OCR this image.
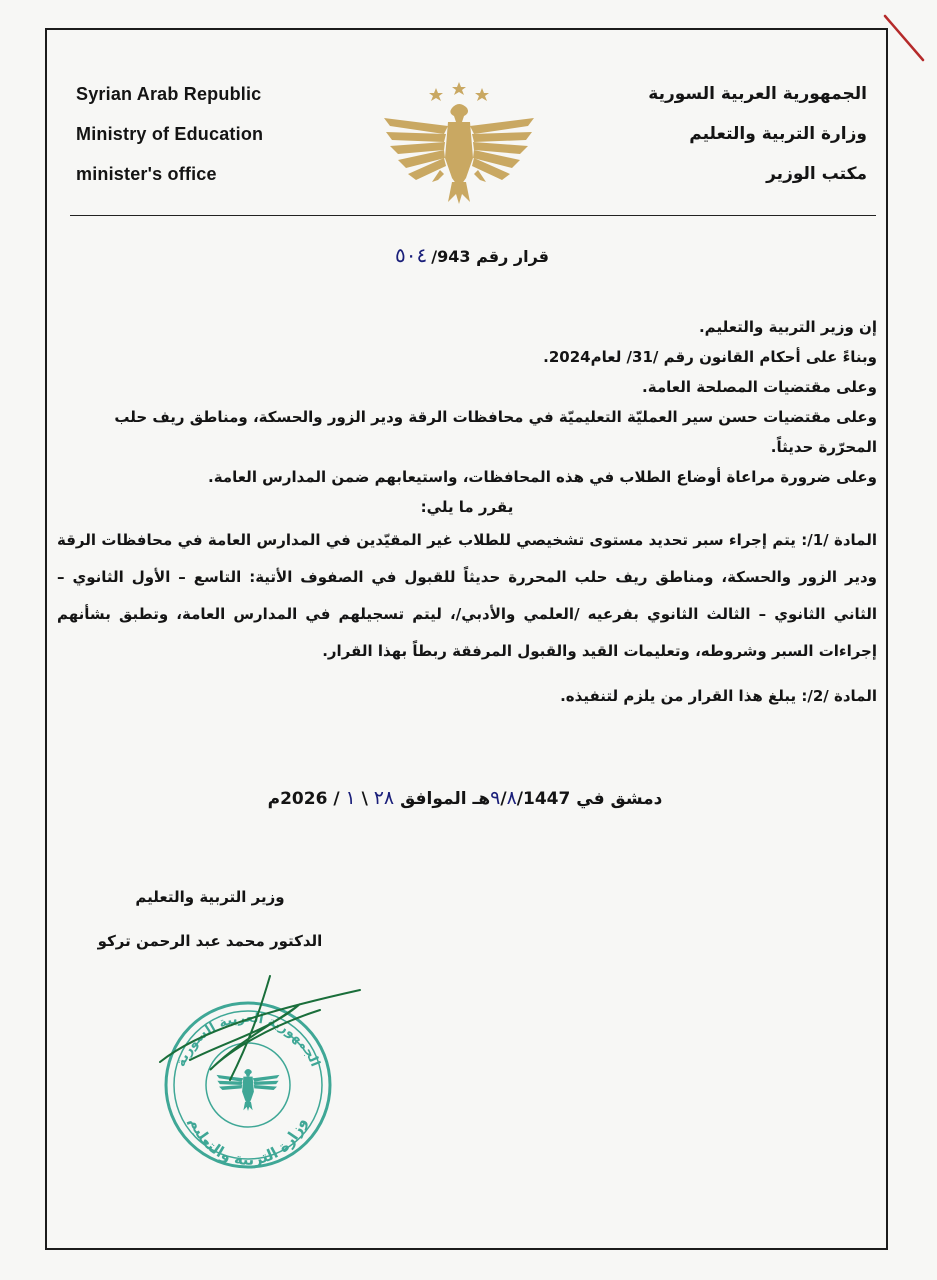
Syrian Arab Republic
Ministry of Education
minister's office
الجمهورية العربية السورية
وزارة التربية والتعليم
مكتب الوزير
قرار رقم ٥٠٤ /943

إن وزير التربية والتعليم.

وبناءً على أحكام القانون رقم /31/ لعام2024.

وعلى مقتضيات المصلحة العامة.

وعلى مقتضيات حسن سير العمليّة التعليميّة في محافظات الرقة ودير الزور والحسكة، ومناطق ريف حلب المحرّرة حديثاً.

وعلى ضرورة مراعاة أوضاع الطلاب في هذه المحافظات، واستيعابهم ضمن المدارس العامة.

يقرر ما يلي:

المادة /1/: يتم إجراء سبر تحديد مستوى تشخيصي للطلاب غير المقيّدين في المدارس العامة في محافظات الرقة ودير الزور والحسكة، ومناطق ريف حلب المحررة حديثاً للقبول في الصفوف الأتية: التاسع – الأول الثانوي – الثاني الثانوي – الثالث الثانوي بفرعيه /العلمي والأدبي/، ليتم تسجيلهم في المدارس العامة، وتطبق بشأنهم إجراءات السبر وشروطه، وتعليمات القيد والقبول المرفقة ربطاً بهذا القرار.

المادة /2/: يبلغ هذا القرار من يلزم لتنفيذه.

دمشق في ٩/٨/1447هـ الموافق ٢٨ \ ١ / 2026م
وزير التربية والتعليم
الدكتور محمد عبد الرحمن تركو
الجمهورية العربية السورية
وزارة التربية والتعليم
